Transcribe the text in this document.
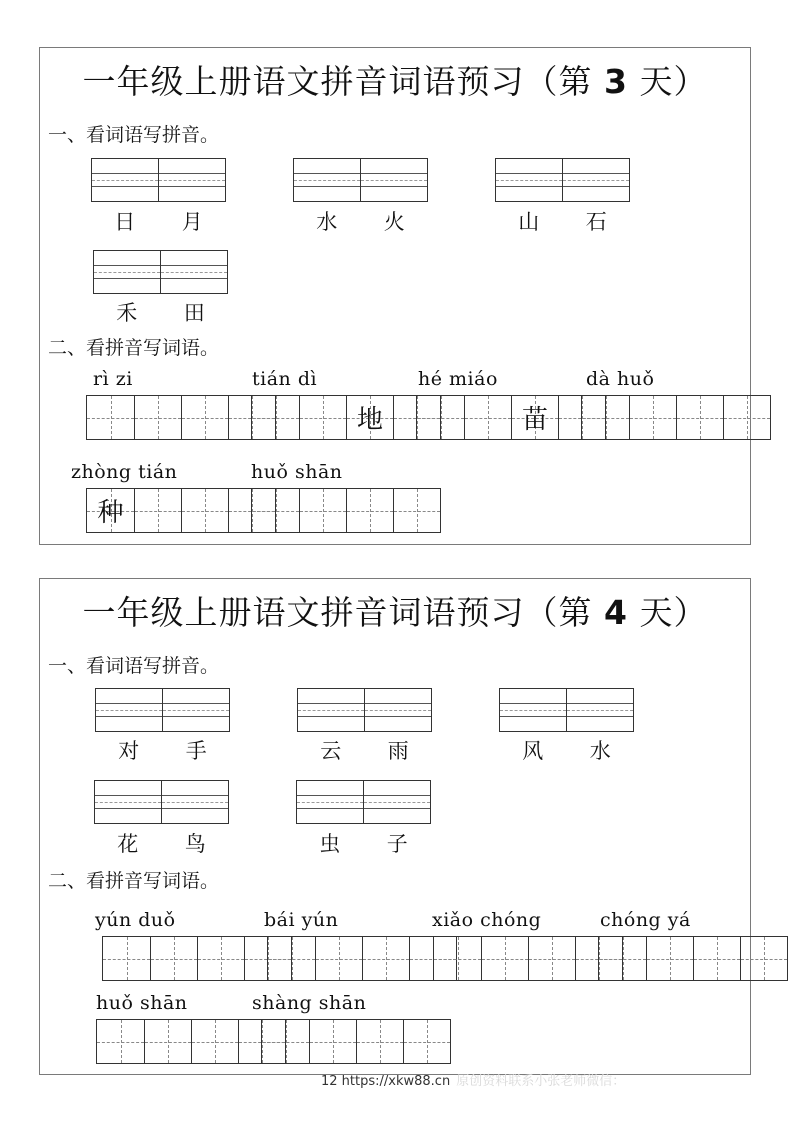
一年级上册语文拼音词语预习（第 3 天）
一、看词语写拼音。
日	月	水	火	山	石
禾	田
二、看拼音写词语。
rì zi	tián dì
地
hé miáo
苗
dà huǒ
zhòng tián
种
huǒ shān
一年级上册语文拼音词语预习（第 4 天）
一、看词语写拼音。
对	手	云	雨	风	水
花	鸟	虫	子
二、看拼音写词语。
yún duǒ	bái yún	xiǎo chóng	chóng yá
huǒ shān	shàng shān
12 https://xkw88.cn 原创资料联系小张老师微信：
